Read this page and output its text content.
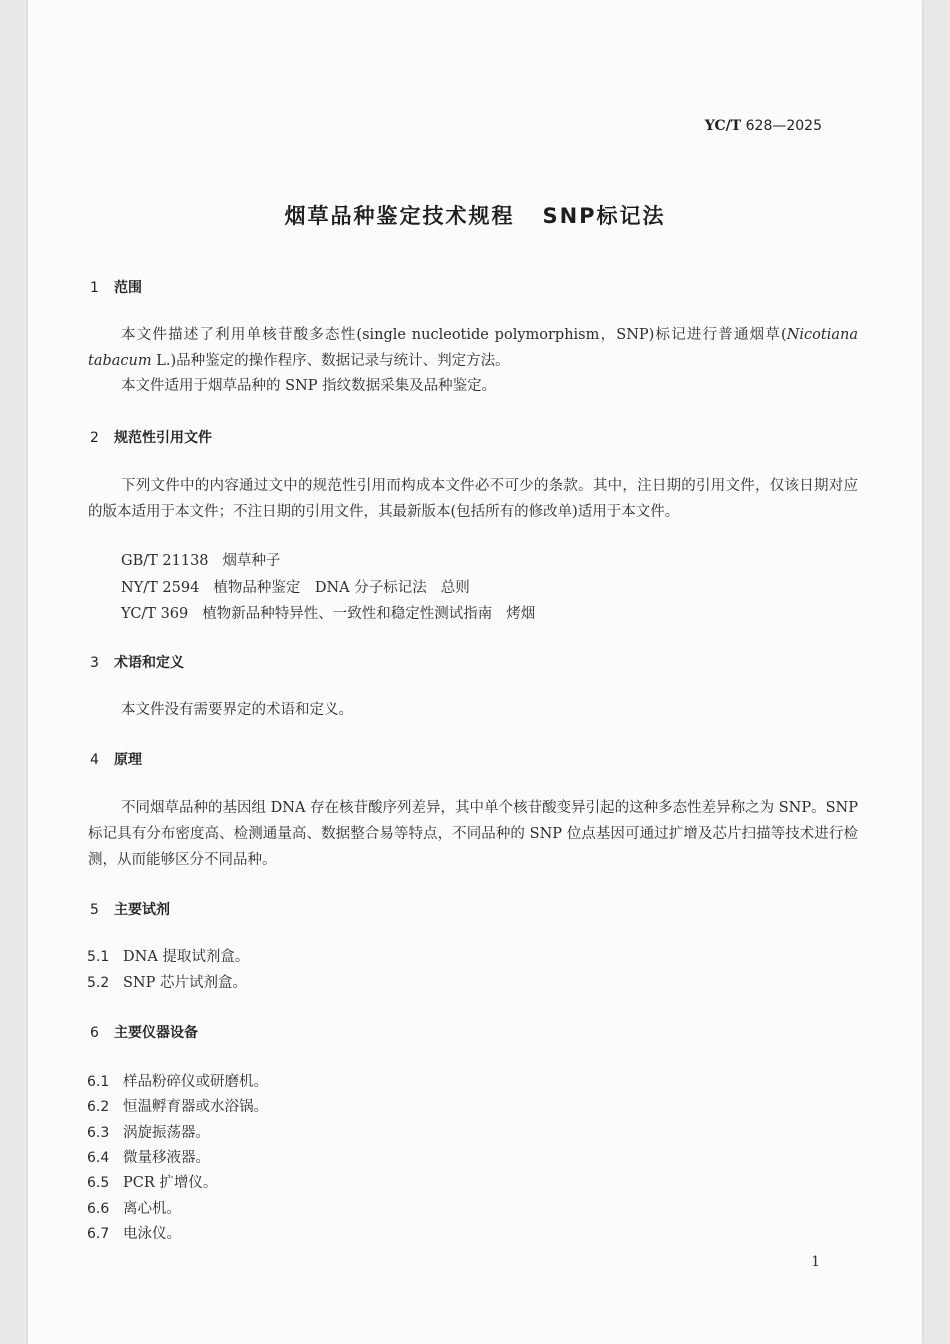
YC/T 628—2025
烟草品种鉴定技术规程 SNP标记法
1 范围
本文件描述了利用单核苷酸多态性(single nucleotide polymorphism，SNP)标记进行普通烟草(Nicotiana tabacum L.)品种鉴定的操作程序、数据记录与统计、判定方法。
本文件适用于烟草品种的 SNP 指纹数据采集及品种鉴定。
2 规范性引用文件
下列文件中的内容通过文中的规范性引用而构成本文件必不可少的条款。其中，注日期的引用文件，仅该日期对应的版本适用于本文件；不注日期的引用文件，其最新版本(包括所有的修改单)适用于本文件。
GB/T 21138 烟草种子
NY/T 2594 植物品种鉴定　DNA 分子标记法 总则
YC/T 369 植物新品种特异性、一致性和稳定性测试指南 烤烟
3 术语和定义
本文件没有需要界定的术语和定义。
4 原理
不同烟草品种的基因组 DNA 存在核苷酸序列差异，其中单个核苷酸变异引起的这种多态性差异称之为 SNP。SNP 标记具有分布密度高、检测通量高、数据整合易等特点，不同品种的 SNP 位点基因可通过扩增及芯片扫描等技术进行检测，从而能够区分不同品种。
5 主要试剂
5.1 DNA 提取试剂盒。
5.2 SNP 芯片试剂盒。
6 主要仪器设备
6.1 样品粉碎仪或研磨机。
6.2 恒温孵育器或水浴锅。
6.3 涡旋振荡器。
6.4 微量移液器。
6.5 PCR 扩增仪。
6.6 离心机。
6.7 电泳仪。
1
